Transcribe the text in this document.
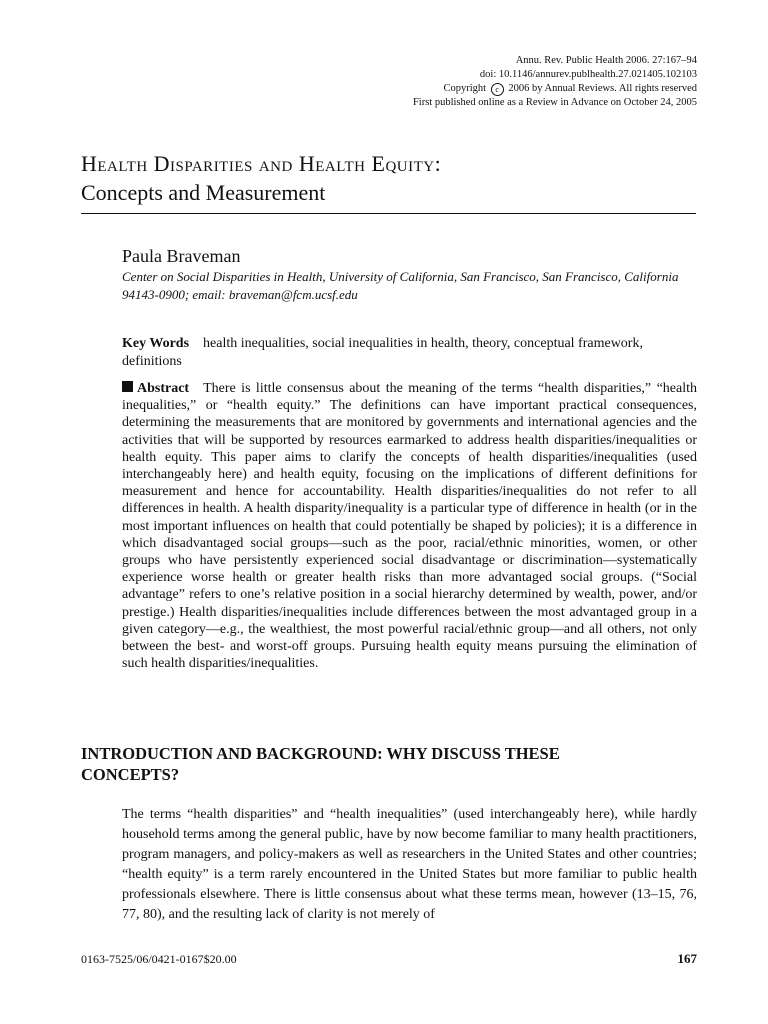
Annu. Rev. Public Health 2006. 27:167–94
doi: 10.1146/annurev.publhealth.27.021405.102103
Copyright c 2006 by Annual Reviews. All rights reserved
First published online as a Review in Advance on October 24, 2005
Health Disparities and Health Equity:
Concepts and Measurement
Paula Braveman
Center on Social Disparities in Health, University of California, San Francisco, San Francisco, California 94143-0900; email: braveman@fcm.ucsf.edu
Key Words health inequalities, social inequalities in health, theory, conceptual framework, definitions
Abstract There is little consensus about the meaning of the terms “health disparities,” “health inequalities,” or “health equity.” The definitions can have important practical consequences, determining the measurements that are monitored by governments and international agencies and the activities that will be supported by resources earmarked to address health disparities/inequalities or health equity. This paper aims to clarify the concepts of health disparities/inequalities (used interchangeably here) and health equity, focusing on the implications of different definitions for measurement and hence for accountability. Health disparities/inequalities do not refer to all differences in health. A health disparity/inequality is a particular type of difference in health (or in the most important influences on health that could potentially be shaped by policies); it is a difference in which disadvantaged social groups—such as the poor, racial/ethnic minorities, women, or other groups who have persistently experienced social disadvantage or discrimination—systematically experience worse health or greater health risks than more advantaged social groups. (“Social advantage” refers to one’s relative position in a social hierarchy determined by wealth, power, and/or prestige.) Health disparities/inequalities include differences between the most advantaged group in a given category—e.g., the wealthiest, the most powerful racial/ethnic group—and all others, not only between the best- and worst-off groups. Pursuing health equity means pursuing the elimination of such health disparities/inequalities.
INTRODUCTION AND BACKGROUND: WHY DISCUSS THESE CONCEPTS?
The terms “health disparities” and “health inequalities” (used interchangeably here), while hardly household terms among the general public, have by now become familiar to many health practitioners, program managers, and policy-makers as well as researchers in the United States and other countries; “health equity” is a term rarely encountered in the United States but more familiar to public health professionals elsewhere. There is little consensus about what these terms mean, however (13–15, 76, 77, 80), and the resulting lack of clarity is not merely of
0163-7525/06/0421-0167$20.00	167
